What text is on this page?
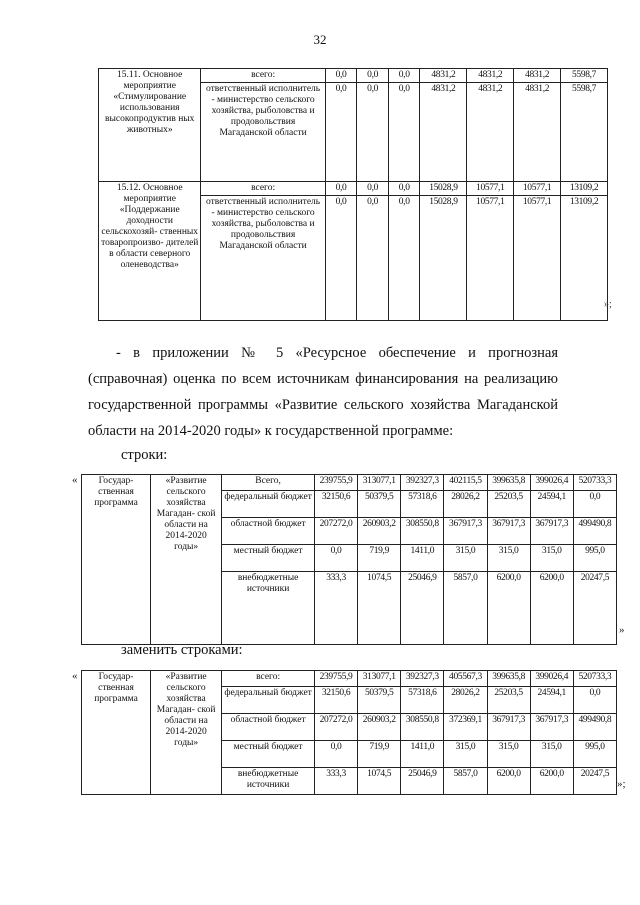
32
15.11. Основное мероприятие «Стимулирование использования высокопродуктив ных животных»	всего:	0,0	0,0	0,0	4831,2	4831,2	4831,2	5598,7
	ответственный исполнитель - министерство сельского хозяйства, рыболовства и продовольствия Магаданской области	0,0	0,0	0,0	4831,2	4831,2	4831,2	5598,7
15.12. Основное мероприятие «Поддержание доходности сельскохозяй- ственных товаропроизво- дителей в области северного оленеводства»	всего:	0,0	0,0	0,0	15028,9	10577,1	10577,1	13109,2
	ответственный исполнитель - министерство сельского хозяйства, рыболовства и продовольствия Магаданской области	0,0	0,0	0,0	15028,9	10577,1	10577,1	13109,2
»;
- в приложении № 5 «Ресурсное обеспечение и прогнозная
(справочная) оценка по всем источникам финансирования на реализацию
государственной программы «Развитие сельского хозяйства Магаданской
области на 2014-2020 годы» к государственной программе:
строки:
« Государ- ственная программа	«Развитие сельского хозяйства Магадан- ской области на 2014-2020 годы»	Всего,	239755,9	313077,1	392327,3	402115,5	399635,8	399026,4	520733,3
		федеральный бюджет	32150,6	50379,5	57318,6	28026,2	25203,5	24594,1	0,0
		областной бюджет	207272,0	260903,2	308550,8	367917,3	367917,3	367917,3	499490,8
		местный бюджет	0,0	719,9	1411,0	315,0	315,0	315,0	995,0
		внебюджетные источники	333,3	1074,5	25046,9	5857,0	6200,0	6200,0	20247,5
»
заменить строками:
« Государ- ственная программа	«Развитие сельского хозяйства Магадан- ской области на 2014-2020 годы»	всего:	239755,9	313077,1	392327,3	405567,3	399635,8	399026,4	520733,3
		федеральный бюджет	32150,6	50379,5	57318,6	28026,2	25203,5	24594,1	0,0
		областной бюджет	207272,0	260903,2	308550,8	372369,1	367917,3	367917,3	499490,8
		местный бюджет	0,0	719,9	1411,0	315,0	315,0	315,0	995,0
		внебюджетные источники	333,3	1074,5	25046,9	5857,0	6200,0	6200,0	20247,5
»;
